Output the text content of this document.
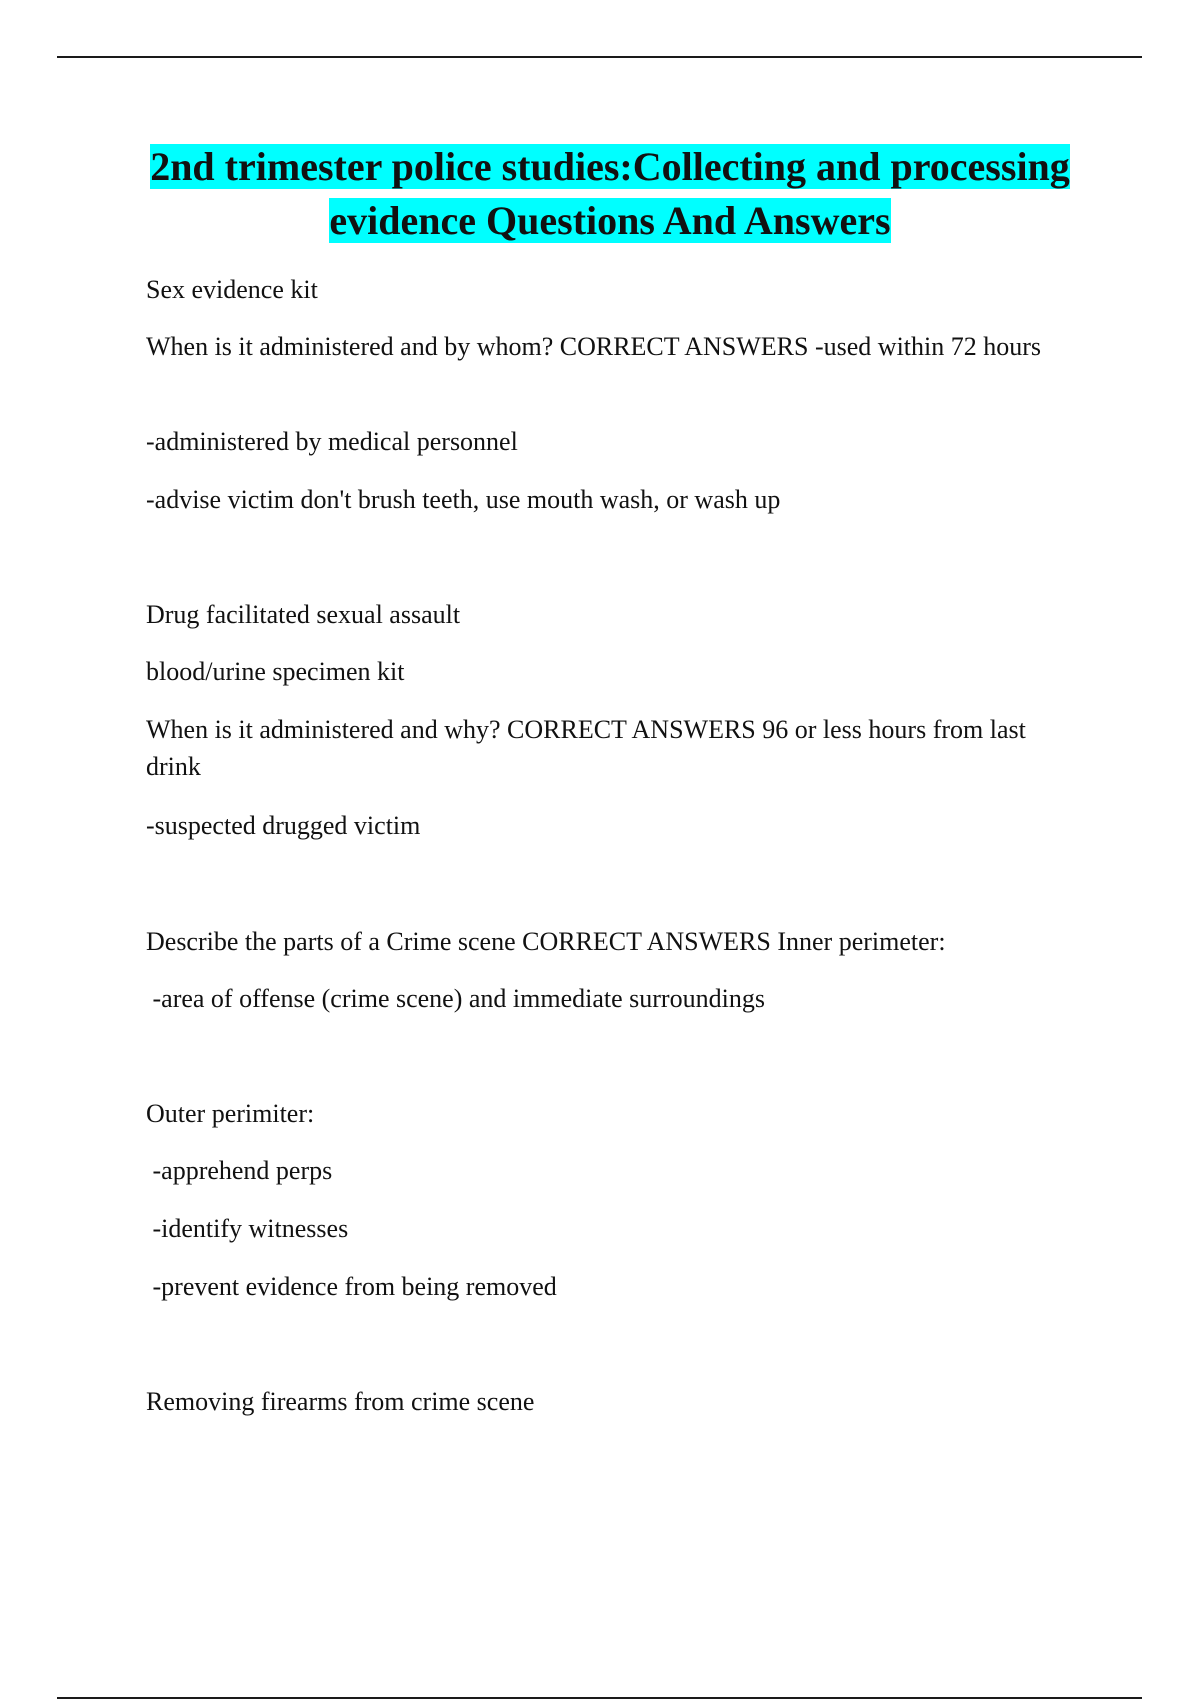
2nd trimester police studies:Collecting and processing evidence Questions And Answers

Sex evidence kit

When is it administered and by whom? CORRECT ANSWERS -used within 72 hours

-administered by medical personnel

-advise victim don't brush teeth, use mouth wash, or wash up

Drug facilitated sexual assault

blood/urine specimen kit

When is it administered and why? CORRECT ANSWERS 96 or less hours from last drink

-suspected drugged victim

Describe the parts of a Crime scene CORRECT ANSWERS Inner perimeter:

-area of offense (crime scene) and immediate surroundings

Outer perimiter:

-apprehend perps

-identify witnesses

-prevent evidence from being removed

Removing firearms from crime scene
